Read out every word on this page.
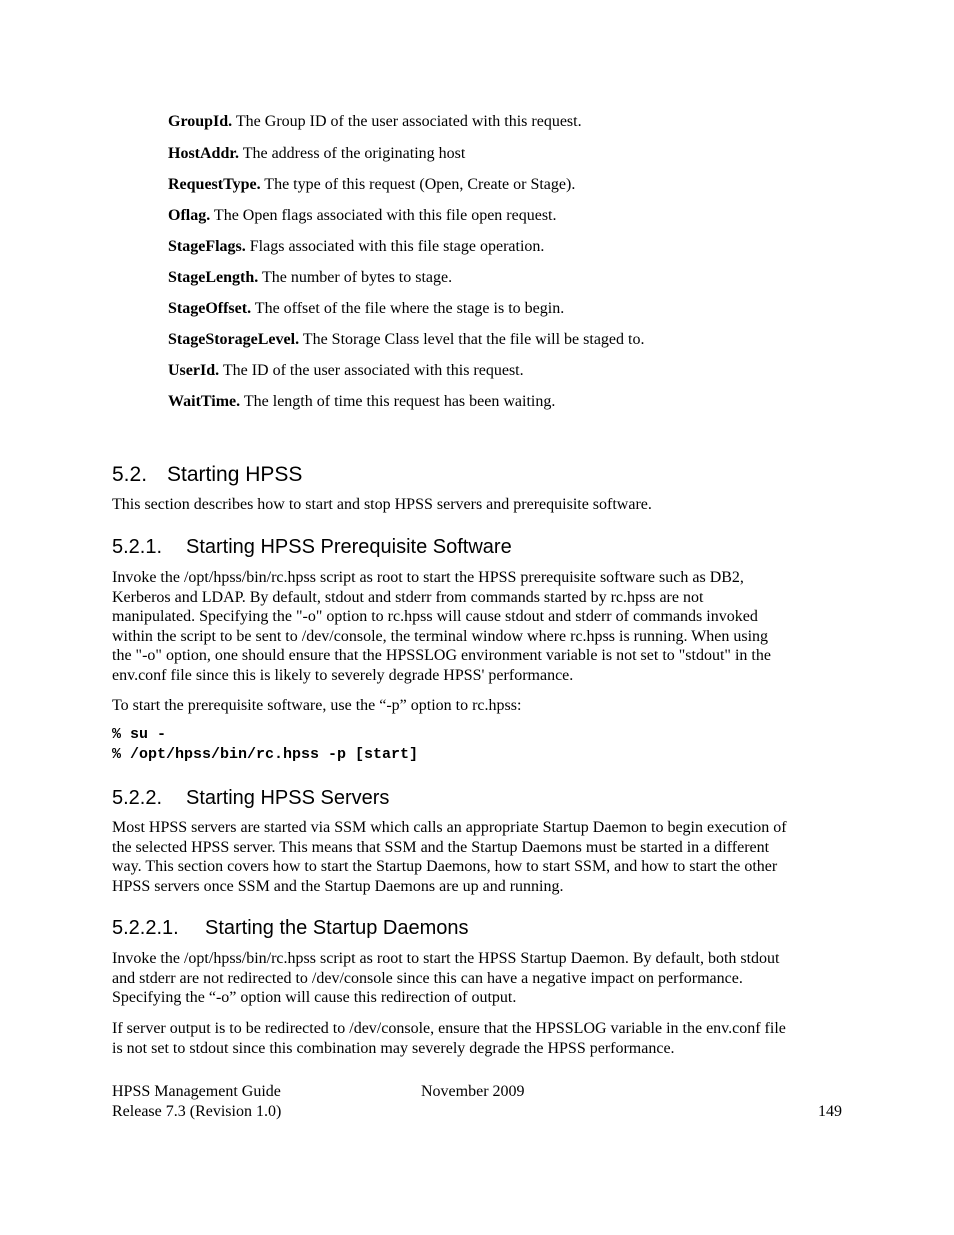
GroupId. The Group ID of the user associated with this request.
HostAddr. The address of the originating host
RequestType. The type of this request (Open, Create or Stage).
Oflag. The Open flags associated with this file open request.
StageFlags. Flags associated with this file stage operation.
StageLength. The number of bytes to stage.
StageOffset. The offset of the file where the stage is to begin.
StageStorageLevel. The Storage Class level that the file will be staged to.
UserId. The ID of the user associated with this request.
WaitTime. The length of time this request has been waiting.
5.2. Starting HPSS

This section describes how to start and stop HPSS servers and prerequisite software.

5.2.1. Starting HPSS Prerequisite Software

Invoke the /opt/hpss/bin/rc.hpss script as root to start the HPSS prerequisite software such as DB2,
Kerberos and LDAP. By default, stdout and stderr from commands started by rc.hpss are not
manipulated. Specifying the "-o" option to rc.hpss will cause stdout and stderr of commands invoked
within the script to be sent to /dev/console, the terminal window where rc.hpss is running. When using
the "-o" option, one should ensure that the HPSSLOG environment variable is not set to "stdout" in the
env.conf file since this is likely to severely degrade HPSS' performance.

To start the prerequisite software, use the “-p” option to rc.hpss:

% su -
% /opt/hpss/bin/rc.hpss -p [start]
5.2.2. Starting HPSS Servers

Most HPSS servers are started via SSM which calls an appropriate Startup Daemon to begin execution of
the selected HPSS server. This means that SSM and the Startup Daemons must be started in a different
way. This section covers how to start the Startup Daemons, how to start SSM, and how to start the other
HPSS servers once SSM and the Startup Daemons are up and running.

5.2.2.1. Starting the Startup Daemons

Invoke the /opt/hpss/bin/rc.hpss script as root to start the HPSS Startup Daemon. By default, both stdout
and stderr are not redirected to /dev/console since this can have a negative impact on performance.
Specifying the “-o” option will cause this redirection of output.

If server output is to be redirected to /dev/console, ensure that the HPSSLOG variable in the env.conf file
is not set to stdout since this combination may severely degrade the HPSS performance.

HPSS Management Guide	November 2009
Release 7.3 (Revision 1.0)	149
